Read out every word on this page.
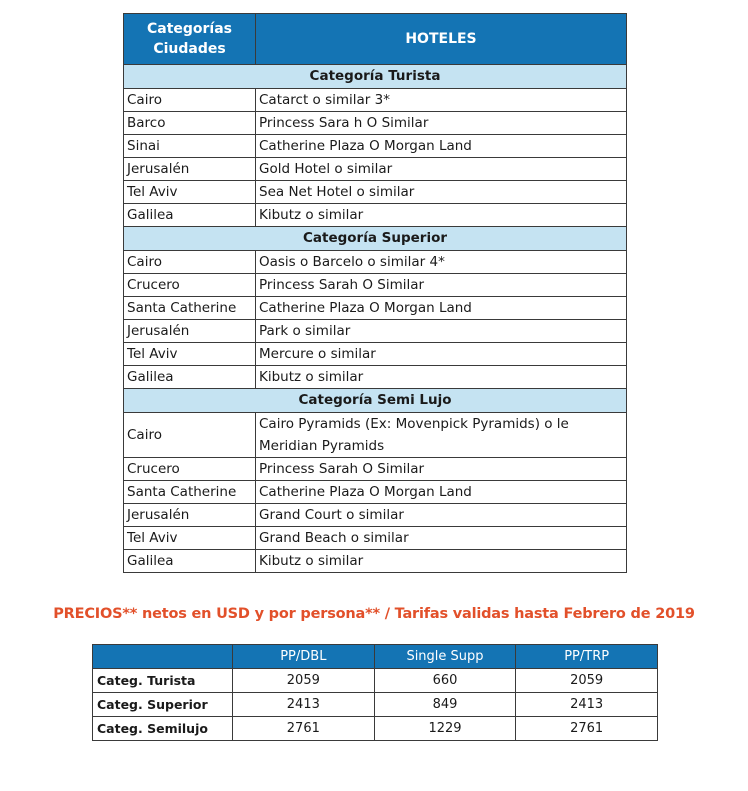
Categorías
Ciudades	HOTELES
Categoría Turista	
Cairo	Catarct o similar 3*
Barco	Princess Sara h O Similar
Sinai	Catherine Plaza O Morgan Land
Jerusalén	Gold Hotel o similar
Tel Aviv	Sea Net Hotel o similar
Galilea	Kibutz o similar
Categoría Superior	
Cairo	Oasis o Barcelo o similar 4*
Crucero	Princess Sarah O Similar
Santa Catherine	Catherine Plaza O Morgan Land
Jerusalén	Park o similar
Tel Aviv	Mercure o similar
Galilea	Kibutz o similar
Categoría Semi Lujo	
Cairo	Cairo Pyramids (Ex: Movenpick Pyramids) o le
Meridian Pyramids

Crucero	Princess Sarah O Similar
Santa Catherine	Catherine Plaza O Morgan Land
Jerusalén	Grand Court o similar
Tel Aviv	Grand Beach o similar
Galilea	Kibutz o similar
PRECIOS** netos en USD y por persona** / Tarifas validas hasta Febrero de 2019
	PP/DBL	Single Supp	PP/TRP
Categ. Turista	2059	660	2059
Categ. Superior	2413	849	2413
Categ. Semilujo	2761	1229	2761
